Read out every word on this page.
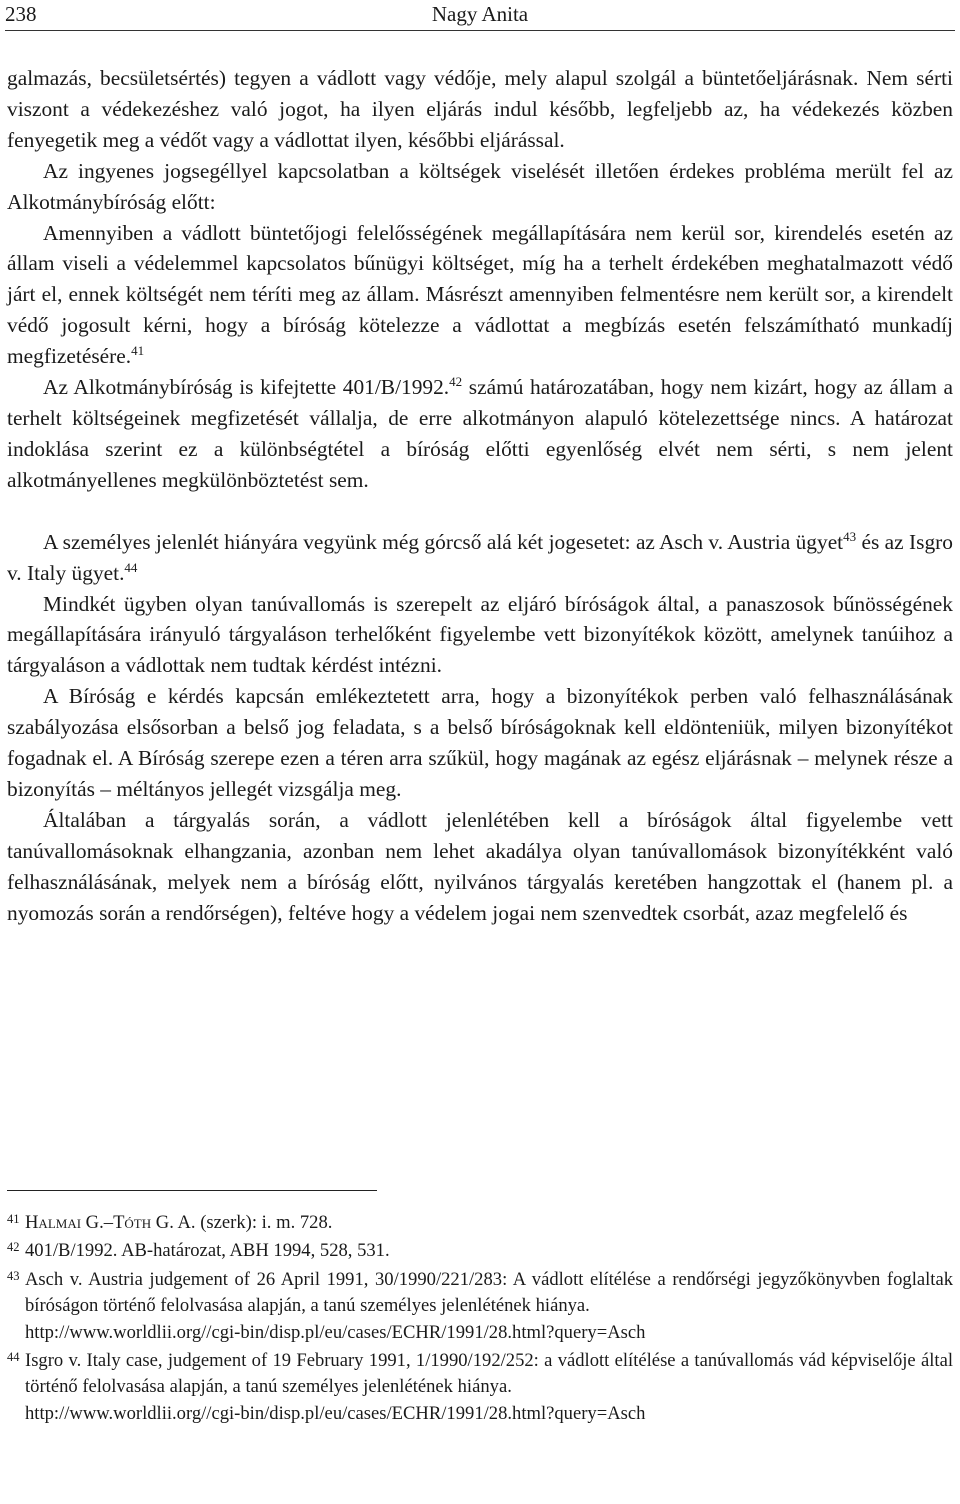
238	Nagy Anita

galmazás, becsületsértés) tegyen a vádlott vagy védője, mely alapul szolgál a büntetőeljárásnak. Nem sérti viszont a védekezéshez való jogot, ha ilyen eljárás indul később, legfeljebb az, ha védekezés közben fenyegetik meg a védőt vagy a vádlottat ilyen, későbbi eljárással.

Az ingyenes jogsegéllyel kapcsolatban a költségek viselését illetően érdekes probléma merült fel az Alkotmánybíróság előtt:

Amennyiben a vádlott büntetőjogi felelősségének megállapítására nem kerül sor, kirendelés esetén az állam viseli a védelemmel kapcsolatos bűnügyi költséget, míg ha a terhelt érdekében meghatalmazott védő járt el, ennek költségét nem téríti meg az állam. Másrészt amennyiben felmentésre nem került sor, a kirendelt védő jogosult kérni, hogy a bíróság kötelezze a vádlottat a megbízás esetén felszámítható munkadíj megfizetésére.$^{41}$

Az Alkotmánybíróság is kifejtette 401/B/1992.42 számú határozatában, hogy nem kizárt, hogy az állam a terhelt költségeinek megfizetését vállalja, de erre alkotmányon alapuló kötelezettsége nincs. A határozat indoklása szerint ez a különbségtétel a bíróság előtti egyenlőség elvét nem sérti, s nem jelent alkotmányellenes megkülönböztetést sem.

A személyes jelenlét hiányára vegyünk még górcső alá két jogesetet: az Asch v. Austria ügyet$^{43}$ és az Isgro v. Italy ügyet.$^{44}$

Mindkét ügyben olyan tanúvallomás is szerepelt az eljáró bíróságok által, a panaszosok bűnösségének megállapítására irányuló tárgyaláson terhelőként figyelembe vett bizonyítékok között, amelynek tanúihoz a tárgyaláson a vádlottak nem tudtak kérdést intézni.

A Bíróság e kérdés kapcsán emlékeztetett arra, hogy a bizonyítékok perben való felhasználásának szabályozása elsősorban a belső jog feladata, s a belső bíróságoknak kell eldönteniük, milyen bizonyítékot fogadnak el. A Bíróság szerepe ezen a téren arra szűkül, hogy magának az egész eljárásnak – melynek része a bizonyítás – méltányos jellegét vizsgálja meg.

Általában a tárgyalás során, a vádlott jelenlétében kell a bíróságok által figyelembe vett tanúvallomásoknak elhangzania, azonban nem lehet akadálya olyan tanúvallomások bizonyítékként való felhasználásának, melyek nem a bíróság előtt, nyilvános tárgyalás keretében hangzottak el (hanem pl. a nyomozás során a rendőrségen), feltéve hogy a védelem jogai nem szenvedtek csorbát, azaz megfelelő és

41 Halmai G.–Tóth G. A. (szerk): i. m. 728.
42 401/B/1992. AB-határozat, ABH 1994, 528, 531.
43 Asch v. Austria judgement of 26 April 1991, 30/1990/221/283: A vádlott elítélése a rendőrségi jegyzőkönyvben foglaltak bíróságon történő felolvasása alapján, a tanú személyes jelenlétének hiánya.
http://www.worldlii.org//cgi-bin/disp.pl/eu/cases/ECHR/1991/28.html?query=Asch
44 Isgro v. Italy case, judgement of 19 February 1991, 1/1990/192/252: a vádlott elítélése a tanúvallomás vád képviselője által történő felolvasása alapján, a tanú személyes jelenlétének hiánya.
http://www.worldlii.org//cgi-bin/disp.pl/eu/cases/ECHR/1991/28.html?query=Asch
